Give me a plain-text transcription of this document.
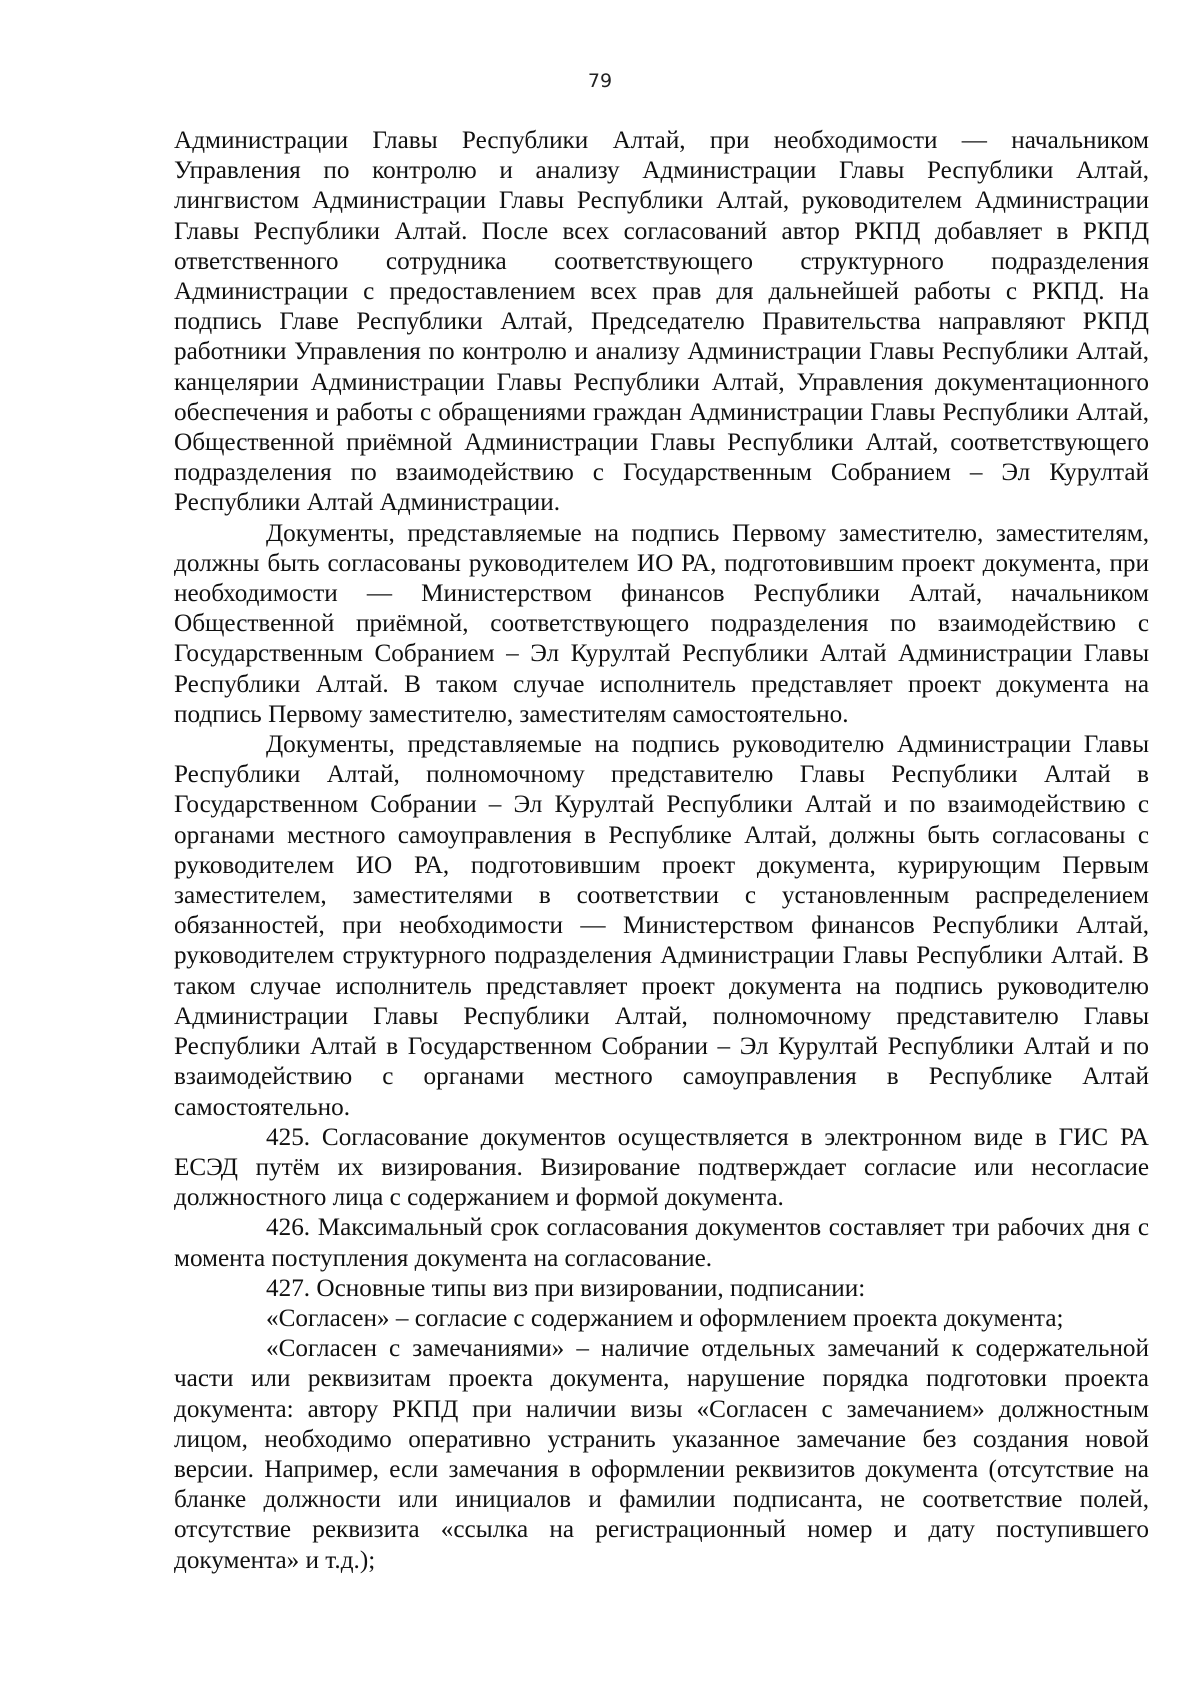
79

Администрации Главы Республики Алтай, при необходимости — начальником Управления по контролю и анализу Администрации Главы Республики Алтай, лингвистом Администрации Главы Республики Алтай, руководителем Администрации Главы Республики Алтай. После всех согласований автор РКПД добавляет в РКПД ответственного сотрудника соответствующего структурного подразделения Администрации с предоставлением всех прав для дальнейшей работы с РКПД. На подпись Главе Республики Алтай, Председателю Правительства направляют РКПД работники Управления по контролю и анализу Администрации Главы Республики Алтай, канцелярии Администрации Главы Республики Алтай, Управления документационного обеспечения и работы с обращениями граждан Администрации Главы Республики Алтай, Общественной приёмной Администрации Главы Республики Алтай, соответствующего подразделения по взаимодействию с Государственным Собранием – Эл Курултай Республики Алтай Администрации.

Документы, представляемые на подпись Первому заместителю, заместителям, должны быть согласованы руководителем ИО РА, подготовившим проект документа, при необходимости — Министерством финансов Республики Алтай, начальником Общественной приёмной, соответствующего подразделения по взаимодействию с Государственным Собранием – Эл Курултай Республики Алтай Администрации Главы Республики Алтай. В таком случае исполнитель представляет проект документа на подпись Первому заместителю, заместителям самостоятельно.

Документы, представляемые на подпись руководителю Администрации Главы Республики Алтай, полномочному представителю Главы Республики Алтай в Государственном Собрании – Эл Курултай Республики Алтай и по взаимодействию с органами местного самоуправления в Республике Алтай, должны быть согласованы с руководителем ИО РА, подготовившим проект документа, курирующим Первым заместителем, заместителями в соответствии с установленным распределением обязанностей, при необходимости — Министерством финансов Республики Алтай, руководителем структурного подразделения Администрации Главы Республики Алтай. В таком случае исполнитель представляет проект документа на подпись руководителю Администрации Главы Республики Алтай, полномочному представителю Главы Республики Алтай в Государственном Собрании – Эл Курултай Республики Алтай и по взаимодействию с органами местного самоуправления в Республике Алтай самостоятельно.

425. Согласование документов осуществляется в электронном виде в ГИС РА ЕСЭД путём их визирования. Визирование подтверждает согласие или несогласие должностного лица с содержанием и формой документа.

426. Максимальный срок согласования документов составляет три рабочих дня с момента поступления документа на согласование.

427. Основные типы виз при визировании, подписании:

«Согласен» – согласие с содержанием и оформлением проекта документа;

«Согласен с замечаниями» – наличие отдельных замечаний к содержательной части или реквизитам проекта документа, нарушение порядка подготовки проекта документа: автору РКПД при наличии визы «Согласен с замечанием» должностным лицом, необходимо оперативно устранить указанное замечание без создания новой версии. Например, если замечания в оформлении реквизитов документа (отсутствие на бланке должности или инициалов и фамилии подписанта, не соответствие полей, отсутствие реквизита «ссылка на регистрационный номер и дату поступившего документа» и т.д.);
